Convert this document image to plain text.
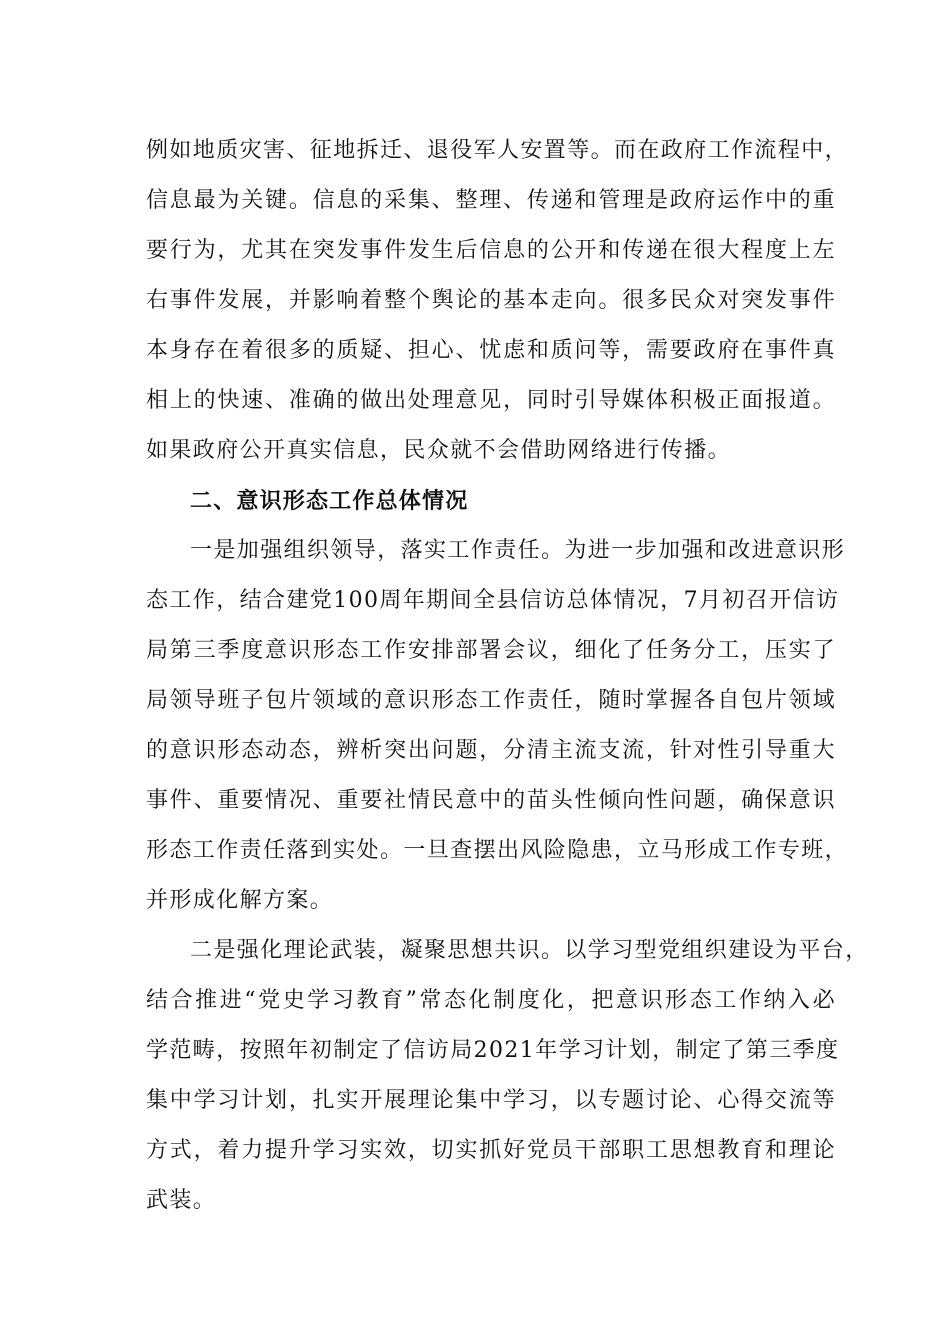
例如地质灾害、征地拆迁、退役军人安置等。而在政府工作流程中，
信息最为关键。信息的采集、整理、传递和管理是政府运作中的重
要行为，尤其在突发事件发生后信息的公开和传递在很大程度上左
右事件发展，并影响着整个舆论的基本走向。很多民众对突发事件
本身存在着很多的质疑、担心、忧虑和质问等，需要政府在事件真
相上的快速、准确的做出处理意见，同时引导媒体积极正面报道。
如果政府公开真实信息，民众就不会借助网络进行传播。
二、意识形态工作总体情况
一是加强组织领导，落实工作责任。为进一步加强和改进意识形
态工作，结合建党100周年期间全县信访总体情况，7月初召开信访
局第三季度意识形态工作安排部署会议，细化了任务分工，压实了
局领导班子包片领域的意识形态工作责任，随时掌握各自包片领域
的意识形态动态，辨析突出问题，分清主流支流，针对性引导重大
事件、重要情况、重要社情民意中的苗头性倾向性问题，确保意识
形态工作责任落到实处。一旦查摆出风险隐患，立马形成工作专班，
并形成化解方案。
二是强化理论武装，凝聚思想共识。以学习型党组织建设为平台，
结合推进“党史学习教育”常态化制度化，把意识形态工作纳入必
学范畴，按照年初制定了信访局2021年学习计划，制定了第三季度
集中学习计划，扎实开展理论集中学习，以专题讨论、心得交流等
方式，着力提升学习实效，切实抓好党员干部职工思想教育和理论
武装。
